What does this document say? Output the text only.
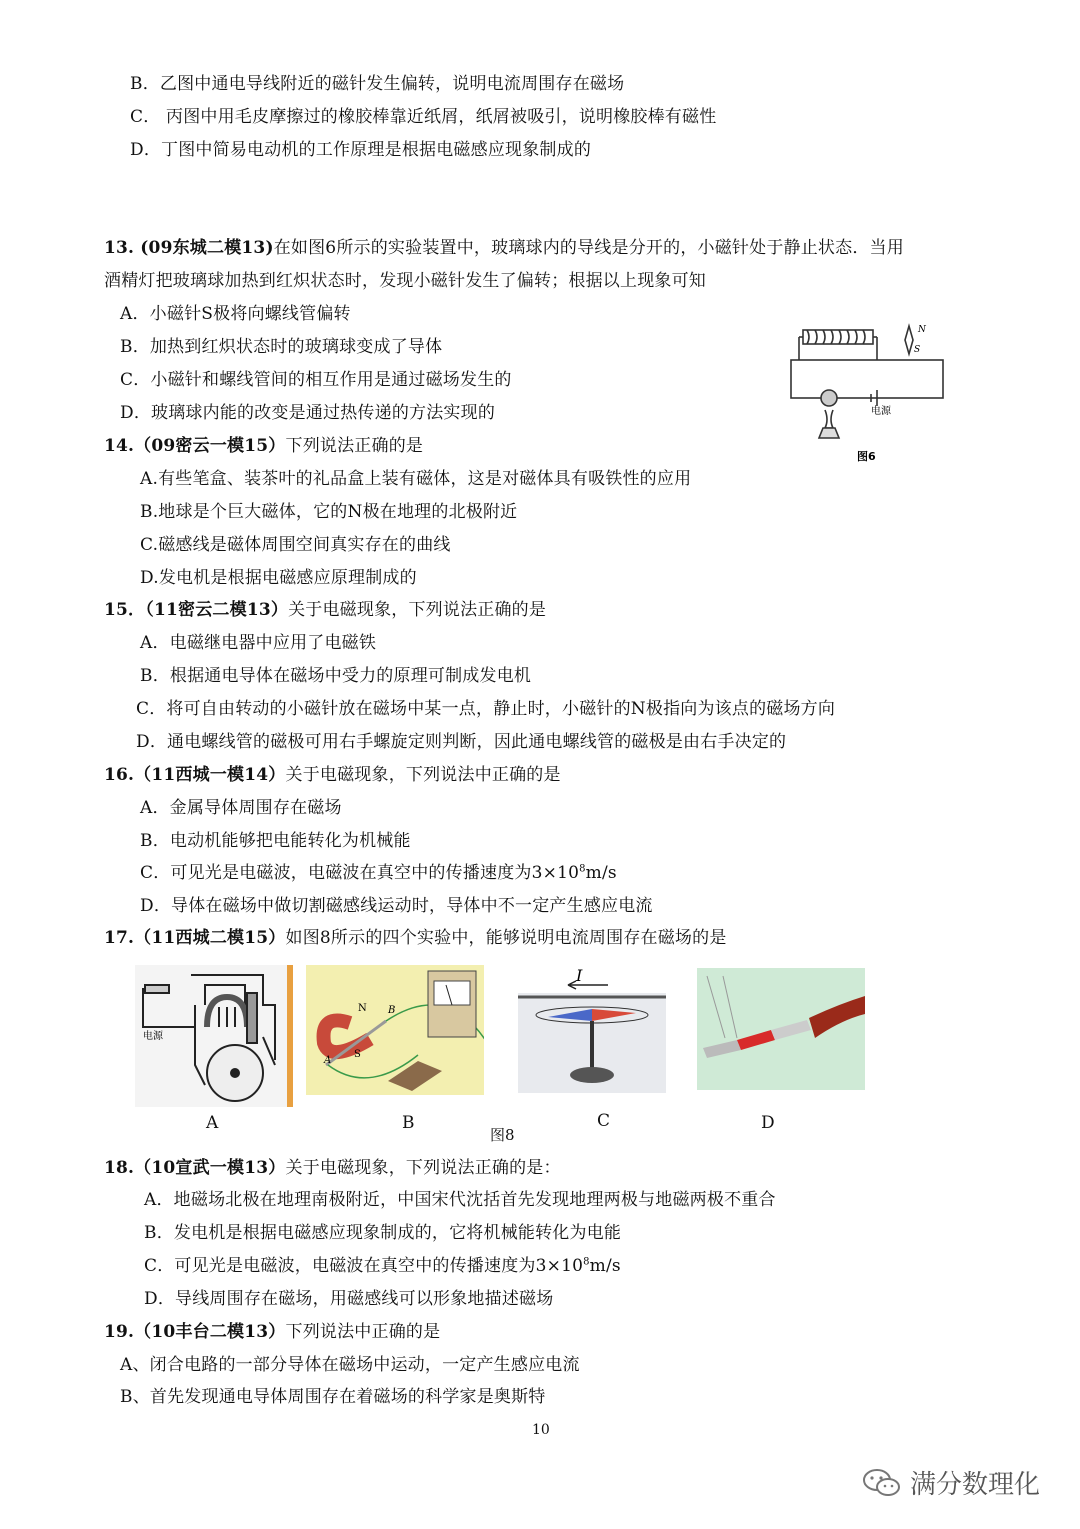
B．乙图中通电导线附近的磁针发生偏转，说明电流周围存在磁场
C． 丙图中用毛皮摩擦过的橡胶棒靠近纸屑，纸屑被吸引，说明橡胶棒有磁性
D．丁图中简易电动机的工作原理是根据电磁感应现象制成的
13. (09东城二模13)在如图6所示的实验装置中，玻璃球内的导线是分开的，小磁针处于静止状态．当用
酒精灯把玻璃球加热到红炽状态时，发现小磁针发生了偏转；根据以上现象可知
A．小磁针S极将向螺线管偏转
B．加热到红炽状态时的玻璃球变成了导体
C．小磁针和螺线管间的相互作用是通过磁场发生的
D．玻璃球内能的改变是通过热传递的方法实现的
N
S
电源
图6
14.（09密云一模15）下列说法正确的是
A.有些笔盒、装茶叶的礼品盒上装有磁体，这是对磁体具有吸铁性的应用
B.地球是个巨大磁体，它的N极在地理的北极附近
C.磁感线是磁体周围空间真实存在的曲线
D.发电机是根据电磁感应原理制成的
15．（11密云二模13）关于电磁现象，下列说法正确的是
A．电磁继电器中应用了电磁铁
B．根据通电导体在磁场中受力的原理可制成发电机
C．将可自由转动的小磁针放在磁场中某一点，静止时，小磁针的N极指向为该点的磁场方向
D．通电螺线管的磁极可用右手螺旋定则判断，因此通电螺线管的磁极是由右手决定的
16.（11西城一模14）关于电磁现象，下列说法中正确的是
A．金属导体周围存在磁场
B．电动机能够把电能转化为机械能
C．可见光是电磁波，电磁波在真空中的传播速度为$3\times 10^8m/s$
D．导体在磁场中做切割磁感线运动时，导体中不一定产生感应电流
17.（11西城二模15）如图8所示的四个实验中，能够说明电流周围存在磁场的是
电源
N
S
A
B
I
A	B
图8
C	D
18.（10宣武一模13）关于电磁现象，下列说法正确的是：
A．地磁场北极在地理南极附近，中国宋代沈括首先发现地理两极与地磁两极不重合
B．发电机是根据电磁感应现象制成的，它将机械能转化为电能
C．可见光是电磁波，电磁波在真空中的传播速度为$3\times 10^8m/s$
D．导线周围存在磁场，用磁感线可以形象地描述磁场
19.（10丰台二模13）下列说法中正确的是
A、闭合电路的一部分导体在磁场中运动，一定产生感应电流
B、首先发现通电导体周围存在着磁场的科学家是奥斯特
10
满分数理化
